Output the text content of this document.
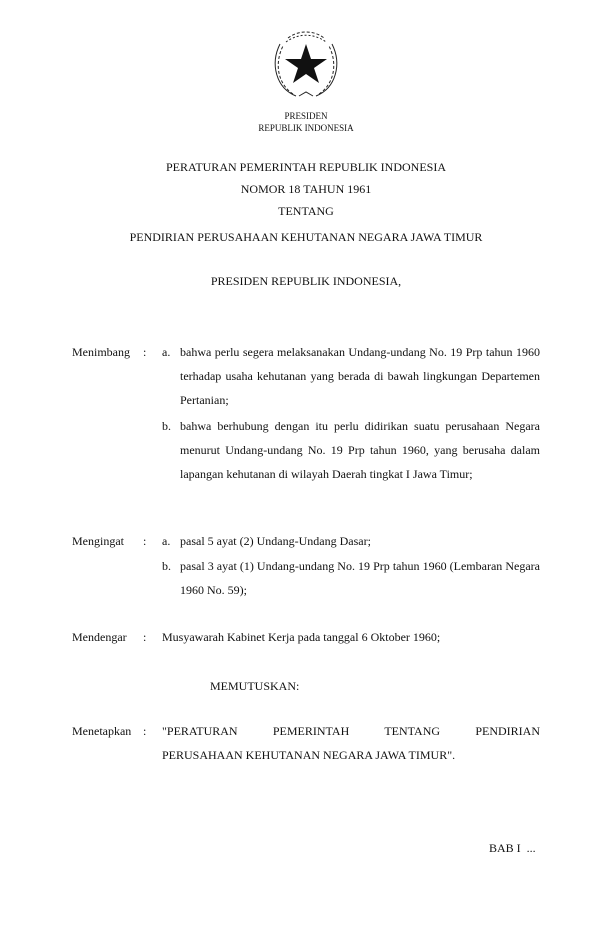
PRESIDEN
REPUBLIK INDONESIA
PERATURAN PEMERINTAH REPUBLIK INDONESIA
NOMOR 18 TAHUN 1961
TENTANG
PENDIRIAN PERUSAHAAN KEHUTANAN NEGARA JAWA TIMUR
PRESIDEN REPUBLIK INDONESIA,
Menimbang	: a. bahwa perlu segera melaksanakan Undang-undang No. 19 Prp tahun 1960 terhadap usaha kehutanan yang berada di bawah lingkungan Departemen Pertanian;
b. bahwa berhubung dengan itu perlu didirikan suatu perusahaan Negara menurut Undang-undang No. 19 Prp tahun 1960, yang berusaha dalam lapangan kehutanan di wilayah Daerah tingkat I Jawa Timur;
Mengingat	: a. pasal 5 ayat (2) Undang-Undang Dasar;
b. pasal 3 ayat (1) Undang-undang No. 19 Prp tahun 1960 (Lembaran Negara 1960 No. 59);
Mendengar	: Musyawarah Kabinet Kerja pada tanggal 6 Oktober 1960;
MEMUTUSKAN:
Menetapkan : "PERATURAN PEMERINTAH TENTANG PENDIRIAN
PERUSAHAAN KEHUTANAN NEGARA JAWA TIMUR".
BAB I  ...
